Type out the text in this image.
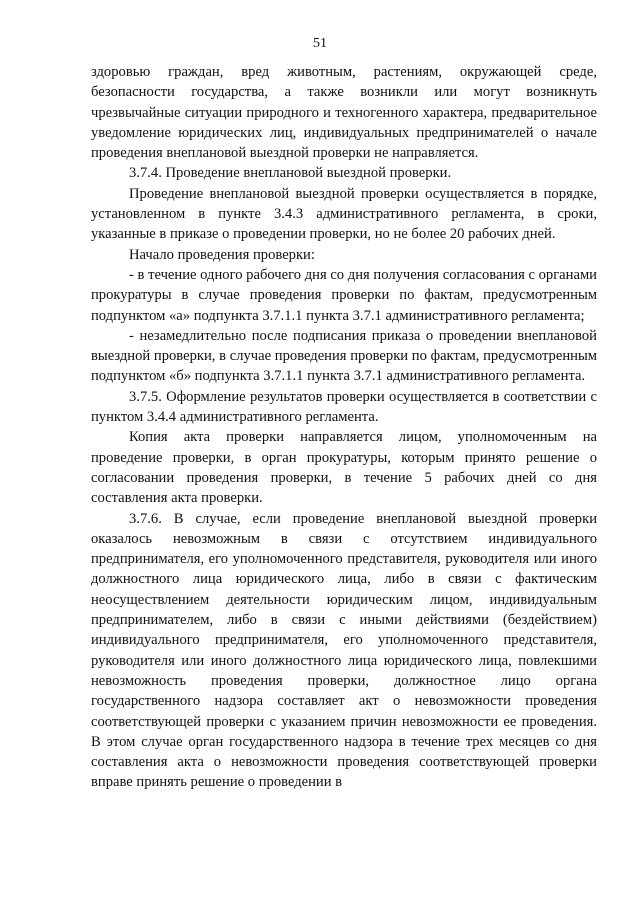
51

здоровью граждан, вред животным, растениям, окружающей среде, безопасности государства, а также возникли или могут возникнуть чрезвычайные ситуации природного и техногенного характера, предварительное уведомление юридических лиц, индивидуальных предпринимателей о начале проведения внеплановой выездной проверки не направляется.

3.7.4. Проведение внеплановой выездной проверки.

Проведение внеплановой выездной проверки осуществляется в порядке, установленном в пункте 3.4.3 административного регламента, в сроки, указанные в приказе о проведении проверки, но не более 20 рабочих дней.

Начало проведения проверки:

- в течение одного рабочего дня со дня получения согласования с органами прокуратуры в случае проведения проверки по фактам, предусмотренным подпунктом «а» подпункта 3.7.1.1 пункта 3.7.1 административного регламента;

- незамедлительно после подписания приказа о проведении внеплановой выездной проверки, в случае проведения проверки по фактам, предусмотренным подпунктом «б» подпункта 3.7.1.1 пункта 3.7.1 административного регламента.

3.7.5. Оформление результатов проверки осуществляется в соответствии с пунктом 3.4.4 административного регламента.

Копия акта проверки направляется лицом, уполномоченным на проведение проверки, в орган прокуратуры, которым принято решение о согласовании проведения проверки, в течение 5 рабочих дней со дня составления акта проверки.

3.7.6. В случае, если проведение внеплановой выездной проверки оказалось невозможным в связи с отсутствием индивидуального предпринимателя, его уполномоченного представителя, руководителя или иного должностного лица юридического лица, либо в связи с фактическим неосуществлением деятельности юридическим лицом, индивидуальным предпринимателем, либо в связи с иными действиями (бездействием) индивидуального предпринимателя, его уполномоченного представителя, руководителя или иного должностного лица юридического лица, повлекшими невозможность проведения проверки, должностное лицо органа государственного надзора составляет акт о невозможности проведения соответствующей проверки с указанием причин невозможности ее проведения. В этом случае орган государственного надзора в течение трех месяцев со дня составления акта о невозможности проведения соответствующей проверки вправе принять решение о проведении в
